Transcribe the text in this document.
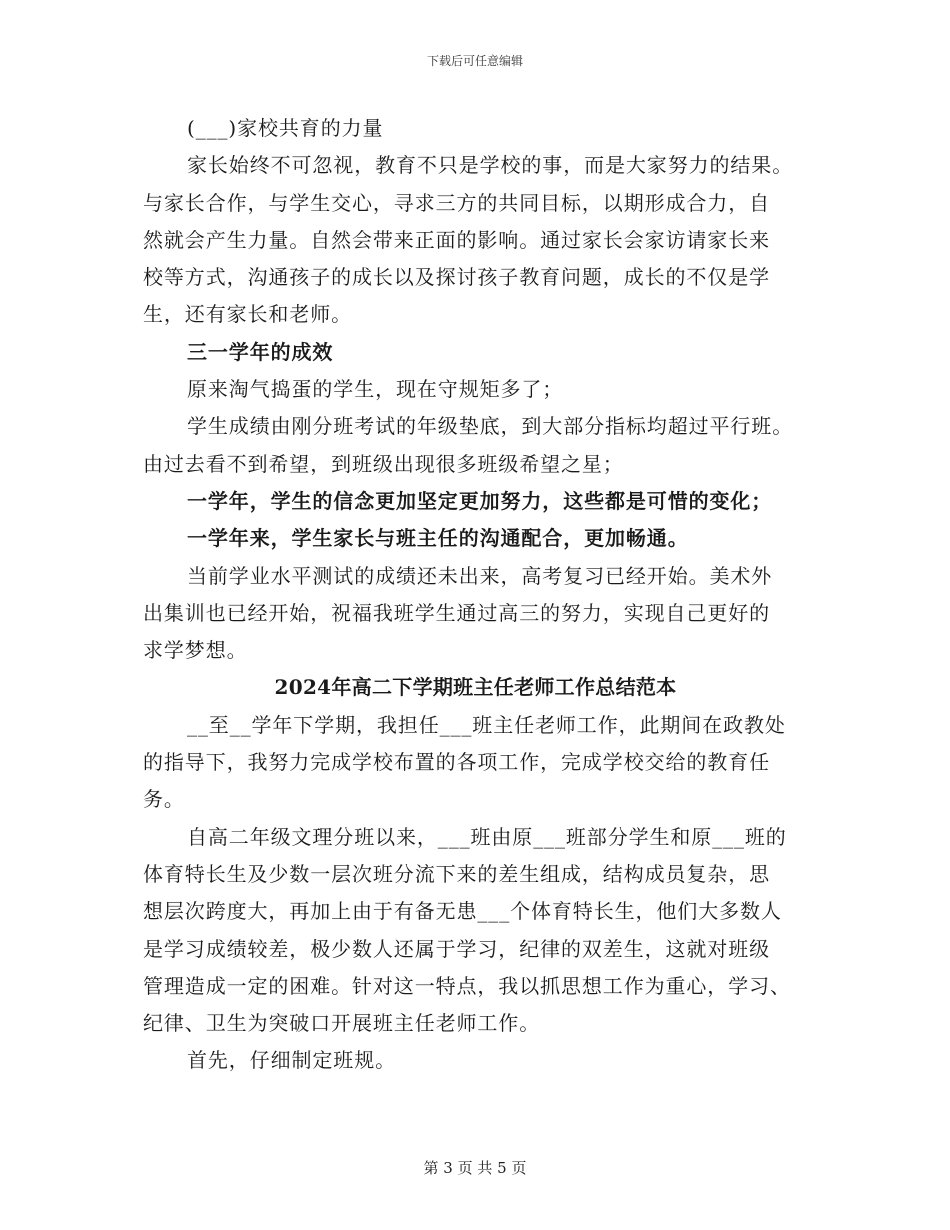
下载后可任意编辑
(___)家校共育的力量
家长始终不可忽视，教育不只是学校的事，而是大家努力的结果。
与家长合作，与学生交心，寻求三方的共同目标，以期形成合力，自
然就会产生力量。自然会带来正面的影响。通过家长会家访请家长来
校等方式，沟通孩子的成长以及探讨孩子教育问题，成长的不仅是学
生，还有家长和老师。
三一学年的成效
原来淘气捣蛋的学生，现在守规矩多了；
学生成绩由刚分班考试的年级垫底，到大部分指标均超过平行班。
由过去看不到希望，到班级出现很多班级希望之星；
一学年，学生的信念更加坚定更加努力，这些都是可惜的变化；
一学年来，学生家长与班主任的沟通配合，更加畅通。
当前学业水平测试的成绩还未出来，高考复习已经开始。美术外
出集训也已经开始，祝福我班学生通过高三的努力，实现自己更好的
求学梦想。
2024年高二下学期班主任老师工作总结范本
__至__学年下学期，我担任___班主任老师工作，此期间在政教处
的指导下，我努力完成学校布置的各项工作，完成学校交给的教育任
务。
自高二年级文理分班以来，___班由原___班部分学生和原___班的
体育特长生及少数一层次班分流下来的差生组成，结构成员复杂，思
想层次跨度大，再加上由于有备无患___个体育特长生，他们大多数人
是学习成绩较差，极少数人还属于学习，纪律的双差生，这就对班级
管理造成一定的困难。针对这一特点，我以抓思想工作为重心，学习、
纪律、卫生为突破口开展班主任老师工作。
首先，仔细制定班规。
第 3 页 共 5 页
